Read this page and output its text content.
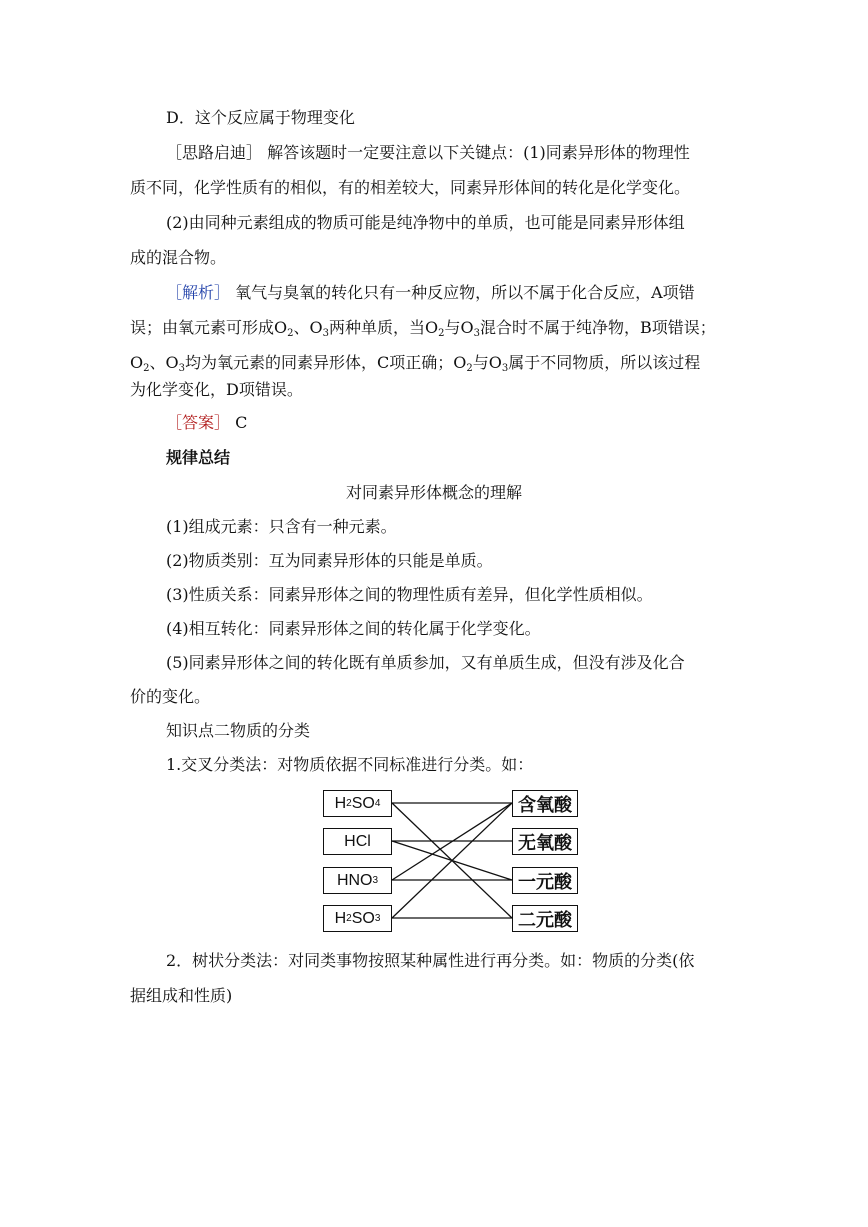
D．这个反应属于物理变化
［思路启迪］ 解答该题时一定要注意以下关键点：(1)同素异形体的物理性
质不同，化学性质有的相似，有的相差较大，同素异形体间的转化是化学变化。
(2)由同种元素组成的物质可能是纯净物中的单质，也可能是同素异形体组
成的混合物。
［解析］ 氧气与臭氧的转化只有一种反应物，所以不属于化合反应，A项错
误；由氧元素可形成$O_2$、$O_3$两种单质，当$O_2$与$O_3$混合时不属于纯净物，B项错误；
$O_2$、$O_3$均为氧元素的同素异形体，C项正确；$O_2$与$O_3$属于不同物质，所以该过程
为化学变化，D项错误。
［答案］ C
规律总结
对同素异形体概念的理解
(1)组成元素：只含有一种元素。
(2)物质类别：互为同素异形体的只能是单质。
(3)性质关系：同素异形体之间的物理性质有差异，但化学性质相似。
(4)相互转化：同素异形体之间的转化属于化学变化。
(5)同素异形体之间的转化既有单质参加，又有单质生成，但没有涉及化合
价的变化。
知识点二物质的分类
1.交叉分类法：对物质依据不同标准进行分类。如：
H 2 SO 4
HCl
HNO 3
H 2 SO 3
含氧酸
无氧酸
一元酸
二元酸
2．树状分类法：对同类事物按照某种属性进行再分类。如：物质的分类(依
据组成和性质)
